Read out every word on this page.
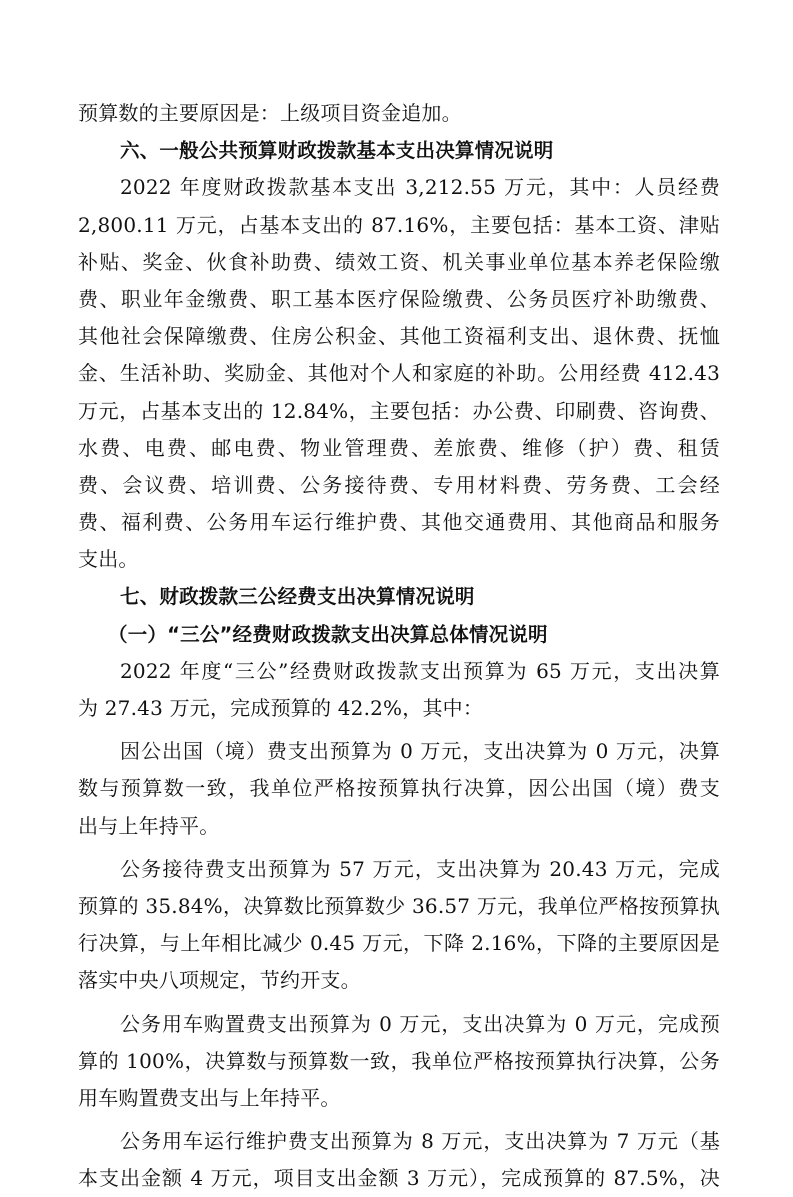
预算数的主要原因是：上级项目资金追加。
六、一般公共预算财政拨款基本支出决算情况说明
2022 年度财政拨款基本支出 3,212.55 万元，其中：人员经费
2,800.11 万元，占基本支出的 87.16%，主要包括：基本工资、津贴
补贴、奖金、伙食补助费、绩效工资、机关事业单位基本养老保险缴
费、职业年金缴费、职工基本医疗保险缴费、公务员医疗补助缴费、
其他社会保障缴费、住房公积金、其他工资福利支出、退休费、抚恤
金、生活补助、奖励金、其他对个人和家庭的补助。公用经费 412.43
万元，占基本支出的 12.84%，主要包括：办公费、印刷费、咨询费、
水费、电费、邮电费、物业管理费、差旅费、维修（护）费、租赁
费、会议费、培训费、公务接待费、专用材料费、劳务费、工会经
费、福利费、公务用车运行维护费、其他交通费用、其他商品和服务
支出。
七、财政拨款三公经费支出决算情况说明
（一）“三公”经费财政拨款支出决算总体情况说明
2022 年度“三公”经费财政拨款支出预算为 65 万元，支出决算
为 27.43 万元，完成预算的 42.2%，其中：
因公出国（境）费支出预算为 0 万元，支出决算为 0 万元，决算
数与预算数一致，我单位严格按预算执行决算，因公出国（境）费支
出与上年持平。
公务接待费支出预算为 57 万元，支出决算为 20.43 万元，完成
预算的 35.84%，决算数比预算数少 36.57 万元，我单位严格按预算执
行决算，与上年相比减少 0.45 万元，下降 2.16%，下降的主要原因是
落实中央八项规定，节约开支。
公务用车购置费支出预算为 0 万元，支出决算为 0 万元，完成预
算的 100%，决算数与预算数一致，我单位严格按预算执行决算，公务
用车购置费支出与上年持平。
公务用车运行维护费支出预算为 8 万元，支出决算为 7 万元（基
本支出金额 4 万元，项目支出金额 3 万元），完成预算的 87.5%，决
